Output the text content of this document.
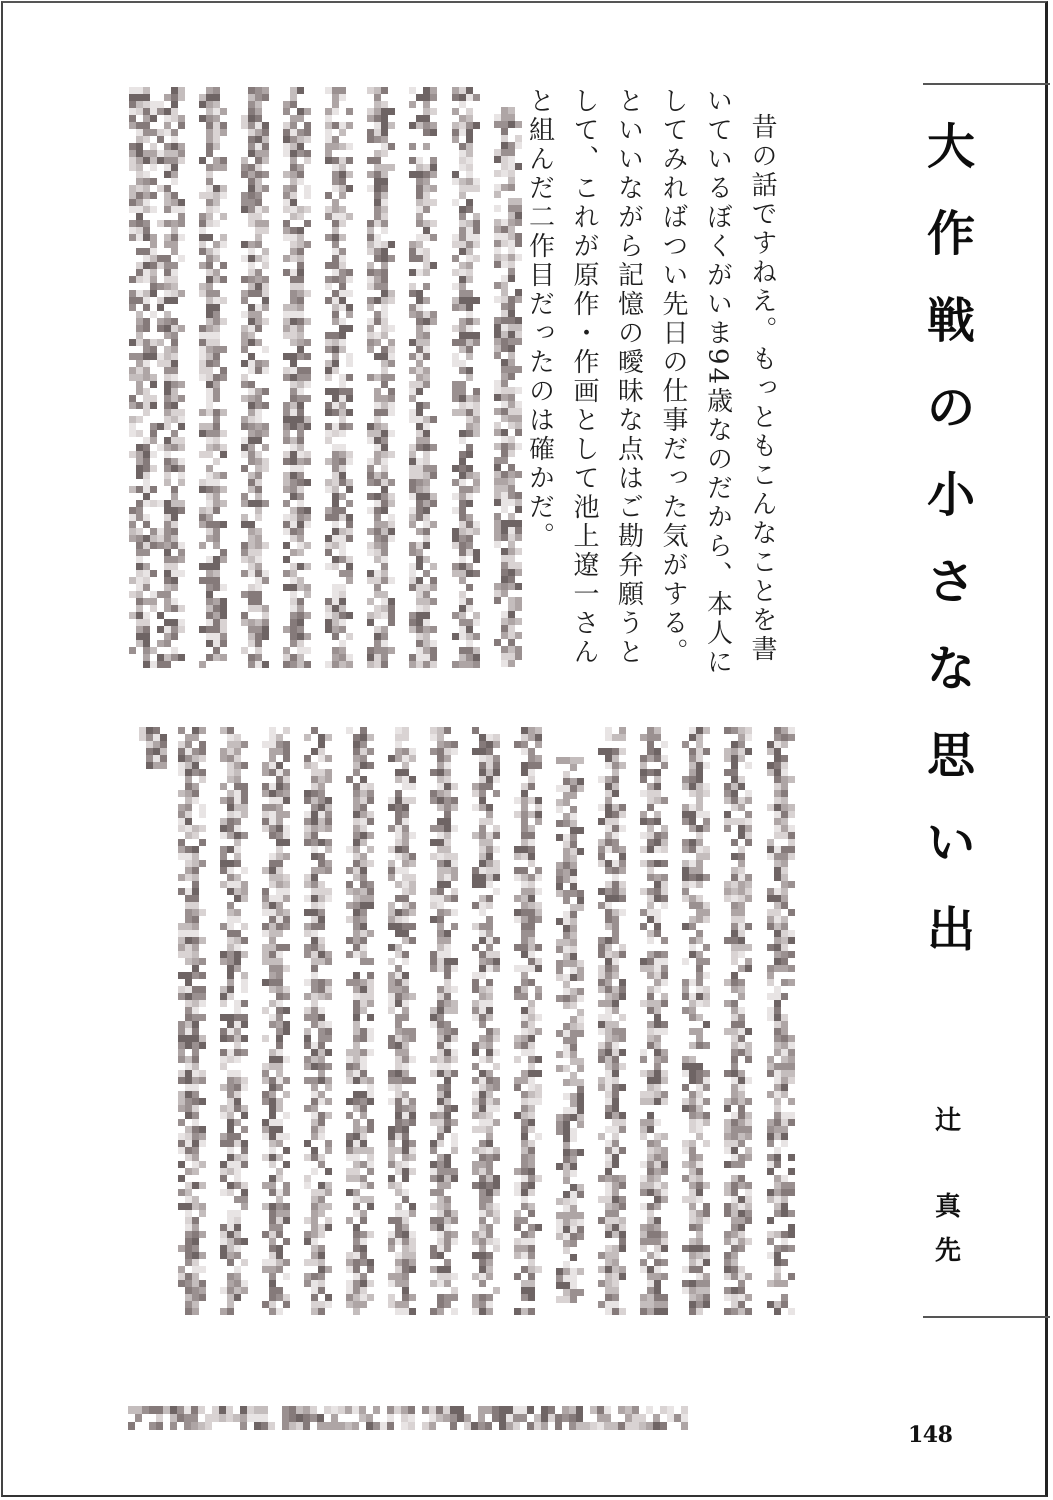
大
作
戦
の
小
さ
な
思
い
出
辻
真
先

昔の話ですねえ。もっともこんなことを書いているぼくがいま94歳なのだから、本人にしてみればつい先日の仕事だった気がする。といいながら記憶の曖昧な点はご勘弁願うとして、これが原作・作画として池上遼一さんと組んだ二作目だったのは確かだ。

148
